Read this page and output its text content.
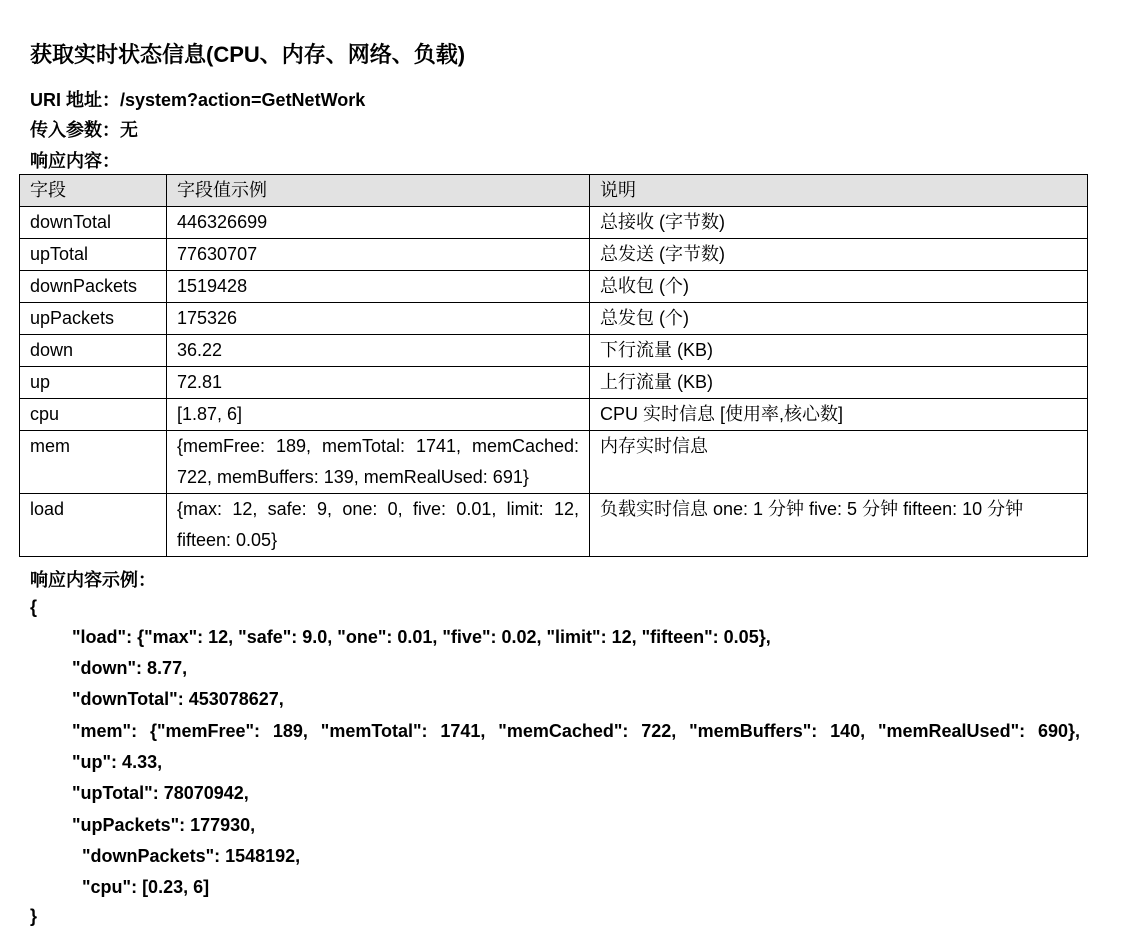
获取实时状态信息(CPU、内存、网络、负载)
URI 地址：/system?action=GetNetWork
传入参数：无
响应内容：
字段	字段值示例	说明
downTotal	446326699	总接收 (字节数)
upTotal	77630707	总发送 (字节数)
downPackets	1519428	总收包 (个)
upPackets	175326	总发包 (个)
down	36.22	下行流量 (KB)
up	72.81	上行流量 (KB)
cpu	[1.87, 6]	CPU 实时信息 [使用率,核心数]
mem	{memFree: 189, memTotal: 1741, memCached: 722, memBuffers: 139, memRealUsed: 691}	内存实时信息
load	{max: 12, safe: 9, one: 0, five: 0.01, limit: 12, fifteen: 0.05}	负载实时信息 one: 1 分钟 five: 5 分钟 fifteen: 10 分钟
响应内容示例：
{
"load": {"max": 12, "safe": 9.0, "one": 0.01, "five": 0.02, "limit": 12, "fifteen": 0.05},
"down": 8.77,
"downTotal": 453078627,
"mem": {"memFree": 189, "memTotal": 1741, "memCached": 722, "memBuffers": 140, "memRealUsed": 690},
"up": 4.33,
"upTotal": 78070942,
"upPackets": 177930,
"downPackets": 1548192,
"cpu": [0.23, 6]
}
